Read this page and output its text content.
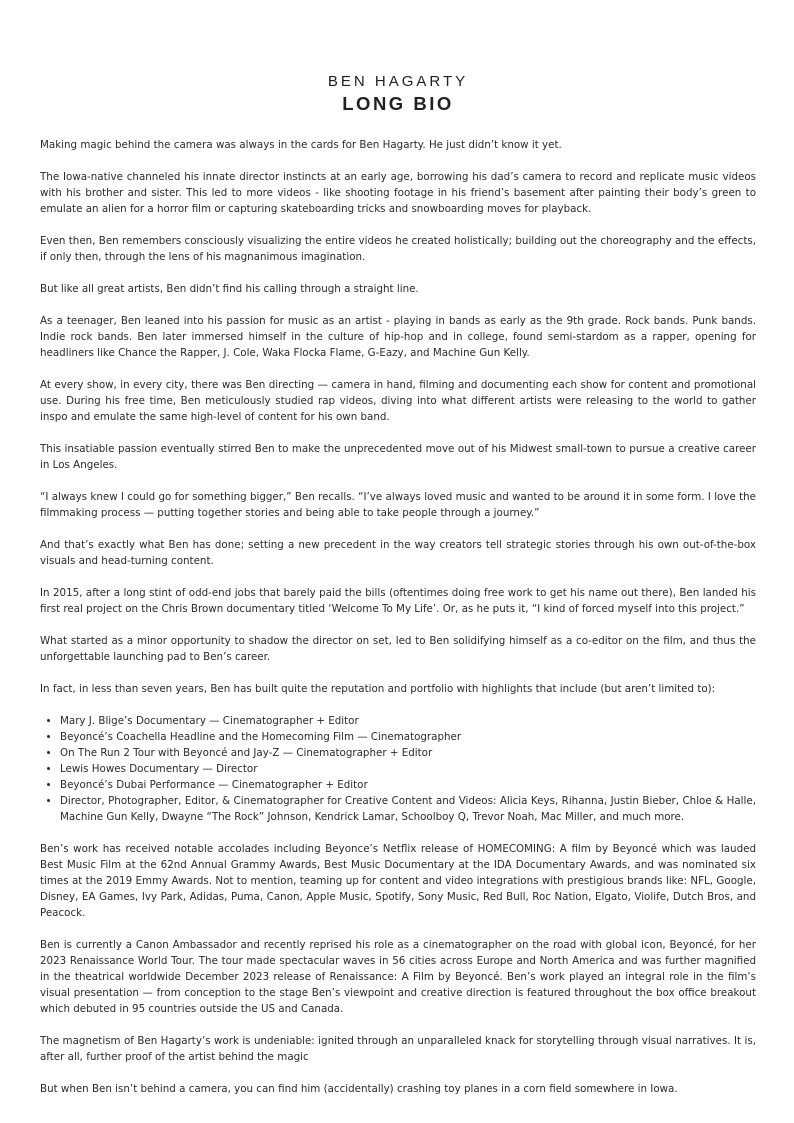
BEN HAGARTY
LONG BIO

Making magic behind the camera was always in the cards for Ben Hagarty. He just didn’t know it yet.

The Iowa-native channeled his innate director instincts at an early age, borrowing his dad’s camera to record and replicate music videos with his brother and sister. This led to more videos - like shooting footage in his friend’s basement after painting their body’s green to emulate an alien for a horror film or capturing skateboarding tricks and snowboarding moves for playback.

Even then, Ben remembers consciously visualizing the entire videos he created holistically; building out the choreography and the effects, if only then, through the lens of his magnanimous imagination.

But like all great artists, Ben didn’t find his calling through a straight line.

As a teenager, Ben leaned into his passion for music as an artist - playing in bands as early as the 9th grade. Rock bands. Punk bands. Indie rock bands. Ben later immersed himself in the culture of hip-hop and in college, found semi-stardom as a rapper, opening for headliners like Chance the Rapper, J. Cole, Waka Flocka Flame, G-Eazy, and Machine Gun Kelly.

At every show, in every city, there was Ben directing — camera in hand, filming and documenting each show for content and promotional use. During his free time, Ben meticulously studied rap videos, diving into what different artists were releasing to the world to gather inspo and emulate the same high-level of content for his own band.

This insatiable passion eventually stirred Ben to make the unprecedented move out of his Midwest small-town to pursue a creative career in Los Angeles.

“I always knew I could go for something bigger,” Ben recalls. “I’ve always loved music and wanted to be around it in some form. I love the filmmaking process — putting together stories and being able to take people through a journey.”

And that’s exactly what Ben has done; setting a new precedent in the way creators tell strategic stories through his own out-of-the-box visuals and head-turning content.

In 2015, after a long stint of odd-end jobs that barely paid the bills (oftentimes doing free work to get his name out there), Ben landed his first real project on the Chris Brown documentary titled ‘Welcome To My Life’. Or, as he puts it, “I kind of forced myself into this project.”

What started as a minor opportunity to shadow the director on set, led to Ben solidifying himself as a co-editor on the film, and thus the unforgettable launching pad to Ben’s career.

In fact, in less than seven years, Ben has built quite the reputation and portfolio with highlights that include (but aren’t limited to):

• Mary J. Blige’s Documentary — Cinematographer + Editor
• Beyoncé’s Coachella Headline and the Homecoming Film — Cinematographer
• On The Run 2 Tour with Beyoncé and Jay-Z — Cinematographer + Editor
• Lewis Howes Documentary — Director
• Beyoncé’s Dubai Performance — Cinematographer + Editor
• Director, Photographer, Editor, & Cinematographer for Creative Content and Videos: Alicia Keys, Rihanna, Justin Bieber, Chloe & Halle, Machine Gun Kelly, Dwayne “The Rock” Johnson, Kendrick Lamar, Schoolboy Q, Trevor Noah, Mac Miller, and much more.

Ben’s work has received notable accolades including Beyonce’s Netflix release of HOMECOMING: A film by Beyoncé which was lauded Best Music Film at the 62nd Annual Grammy Awards, Best Music Documentary at the IDA Documentary Awards, and was nominated six times at the 2019 Emmy Awards. Not to mention, teaming up for content and video integrations with prestigious brands like: NFL, Google, Disney, EA Games, Ivy Park, Adidas, Puma, Canon, Apple Music, Spotify, Sony Music, Red Bull, Roc Nation, Elgato, Violife, Dutch Bros, and Peacock.

Ben is currently a Canon Ambassador and recently reprised his role as a cinematographer on the road with global icon, Beyoncé, for her 2023 Renaissance World Tour. The tour made spectacular waves in 56 cities across Europe and North America and was further magnified in the theatrical worldwide December 2023 release of Renaissance: A Film by Beyoncé. Ben’s work played an integral role in the film’s visual presentation — from conception to the stage Ben’s viewpoint and creative direction is featured throughout the box office breakout which debuted in 95 countries outside the US and Canada.

The magnetism of Ben Hagarty’s work is undeniable: ignited through an unparalleled knack for storytelling through visual narratives. It is, after all, further proof of the artist behind the magic

But when Ben isn’t behind a camera, you can find him (accidentally) crashing toy planes in a corn field somewhere in Iowa.
